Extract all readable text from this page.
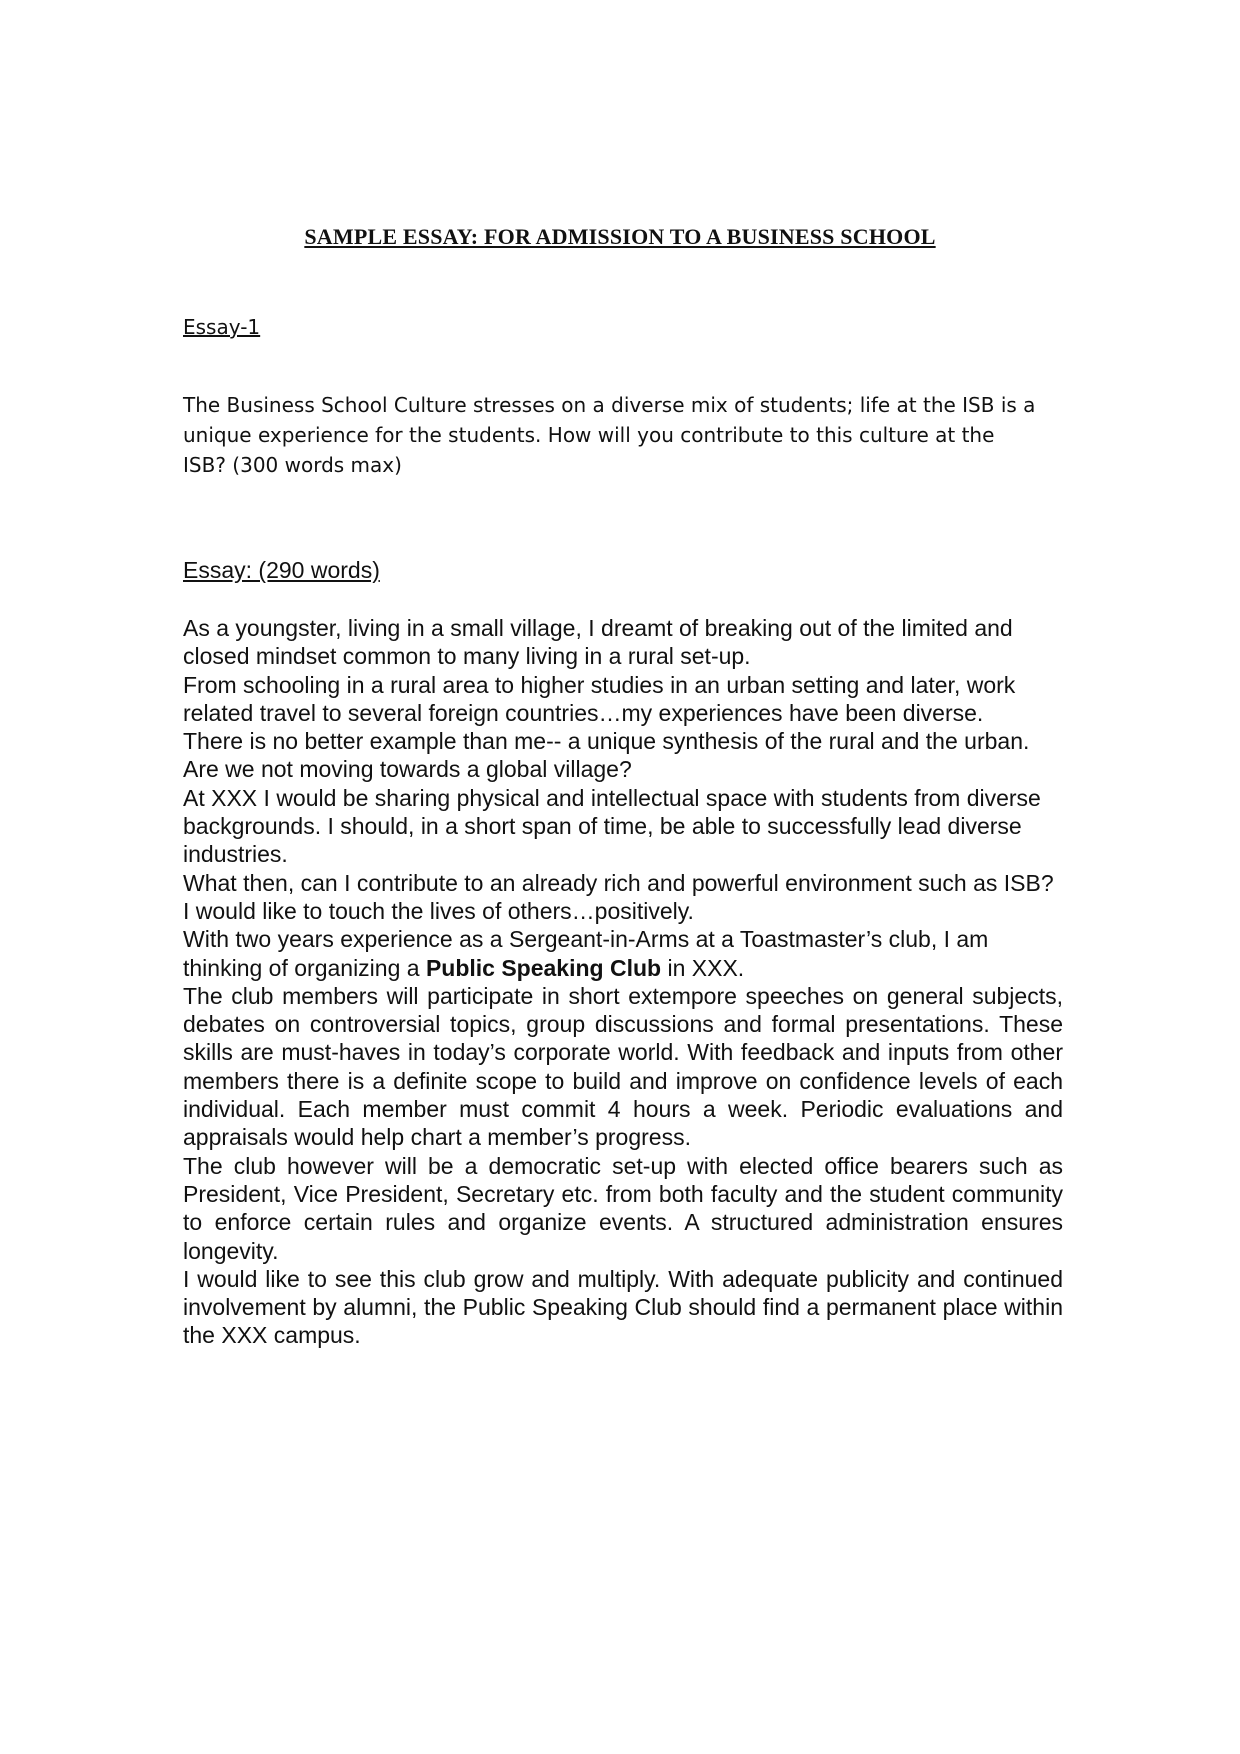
SAMPLE ESSAY: FOR ADMISSION TO A BUSINESS SCHOOL
Essay-1
The Business School Culture stresses on a diverse mix of students; life at the ISB is a unique experience for the students. How will you contribute to this culture at the ISB? (300 words max)
Essay: (290 words)

As a youngster, living in a small village, I dreamt of breaking out of the limited and closed mindset common to many living in a rural set-up.

From schooling in a rural area to higher studies in an urban setting and later, work related travel to several foreign countries…my experiences have been diverse.

There is no better example than me-- a unique synthesis of the rural and the urban. Are we not moving towards a global village?

At XXX I would be sharing physical and intellectual space with students from diverse backgrounds. I should, in a short span of time, be able to successfully lead diverse industries.

What then, can I contribute to an already rich and powerful environment such as ISB? I would like to touch the lives of others…positively.

With two years experience as a Sergeant-in-Arms at a Toastmaster’s club, I am thinking of organizing a Public Speaking Club in XXX.

The club members will participate in short extempore speeches on general subjects, debates on controversial topics, group discussions and formal presentations. These skills are must-haves in today’s corporate world. With feedback and inputs from other members there is a definite scope to build and improve on confidence levels of each individual. Each member must commit 4 hours a week. Periodic evaluations and appraisals would help chart a member’s progress.

The club however will be a democratic set-up with elected office bearers such as President, Vice President, Secretary etc. from both faculty and the student community to enforce certain rules and organize events. A structured administration ensures longevity.

I would like to see this club grow and multiply. With adequate publicity and continued involvement by alumni, the Public Speaking Club should find a permanent place within the XXX campus.
